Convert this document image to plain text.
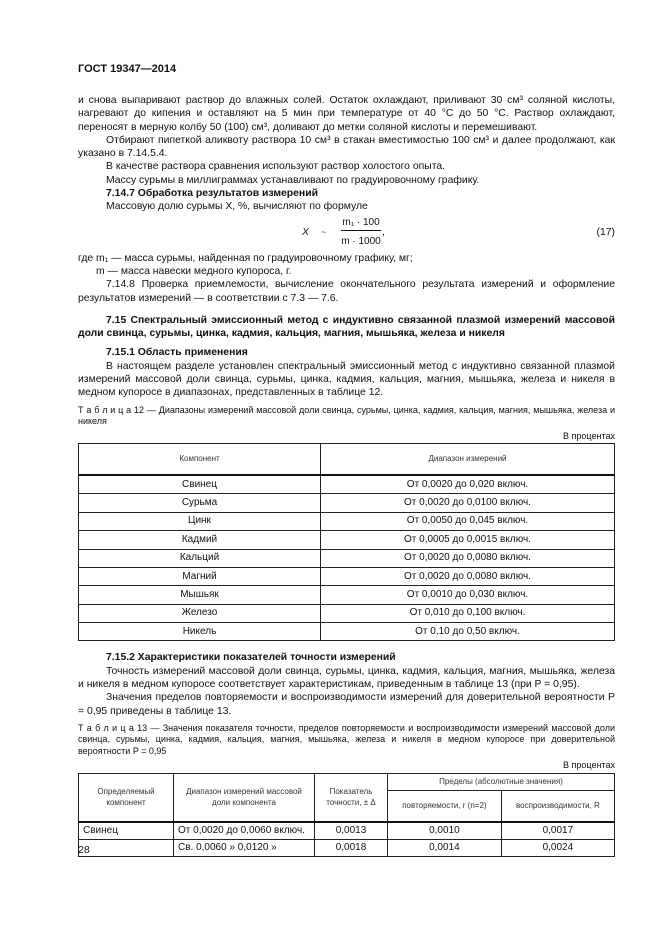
ГОСТ 19347—2014

и снова выпаривают раствор до влажных солей. Остаток охлаждают, приливают 30 см³ соляной кислоты, нагревают до кипения и оставляют на 5 мин при температуре от 40 °С до 50 °С. Раствор охлаждают, переносят в мерную колбу 50 (100) см³, доливают до метки соляной кислоты и перемешивают.

Отбирают пипеткой аликвоту раствора 10 см³ в стакан вместимостью 100 см³ и далее продолжают, как указано в 7.14.5.4.

В качестве раствора сравнения используют раствор холостого опыта.

Массу сурьмы в миллиграммах устанавливают по градуировочному графику.

7.14.7 Обработка результатов измерений

Массовую долю сурьмы X, %, вычисляют по формуле

X ~
m₁ · 100
m · 1000
,	(17)

где m₁ — масса сурьмы, найденная по градуировочному графику, мг;

m — масса навески медного купороса, г.

7.14.8 Проверка приемлемости, вычисление окончательного результата измерений и оформление результатов измерений — в соответствии с 7.3 — 7.6.

7.15 Спектральный эмиссионный метод с индуктивно связанной плазмой измерений массовой доли свинца, сурьмы, цинка, кадмия, кальция, магния, мышьяка, железа и никеля

7.15.1 Область применения

В настоящем разделе установлен спектральный эмиссионный метод с индуктивно связанной плазмой измерений массовой доли свинца, сурьмы, цинка, кадмия, кальция, магния, мышьяка, железа и никеля в медном купоросе в диапазонах, представленных в таблице 12.

Т а б л и ц а 12 — Диапазоны измерений массовой доли свинца, сурьмы, цинка, кадмия, кальция, магния, мышьяка, железа и никеля

В процентах
Компонент	Диапазон измерений
Свинец	От 0,0020 до 0,020 включ.
Сурьма	От 0,0020 до 0,0100 включ.
Цинк	От 0,0050 до 0,045 включ.
Кадмий	От 0,0005 до 0,0015 включ.
Кальций	От 0,0020 до 0,0080 включ.
Магний	От 0,0020 до 0,0080 включ.
Мышьяк	От 0,0010 до 0,030 включ.
Железо	От 0,010 до 0,100 включ.
Никель	От 0,10 до 0,50 включ.

7.15.2 Характеристики показателей точности измерений

Точность измерений массовой доли свинца, сурьмы, цинка, кадмия, кальция, магния, мышьяка, железа и никеля в медном купоросе соответствует характеристикам, приведенным в таблице 13 (при P = 0,95).

Значения пределов повторяемости и воспроизводимости измерений для доверительной вероятности P = 0,95 приведены в таблице 13.

Т а б л и ц а 13 — Значения показателя точности, пределов повторяемости и воспроизводимости измерений массовой доли свинца, сурьмы, цинка, кадмия, кальция, магния, мышьяка, железа и никеля в медном купоросе при доверительной вероятности P = 0,95

В процентах
Определяемый компонент	Диапазон измерений массовой доли компонента	Показатель точности, ± Δ	Пределы (абсолютные значения)	
			повторяемости, r (n=2)	воспроизводимости, R
Свинец	От 0,0020 до 0,0060 включ.	0,0013	0,0010	0,0017
	Св. 0,0060 » 0,0120 »	0,0018	0,0014	0,0024
28
